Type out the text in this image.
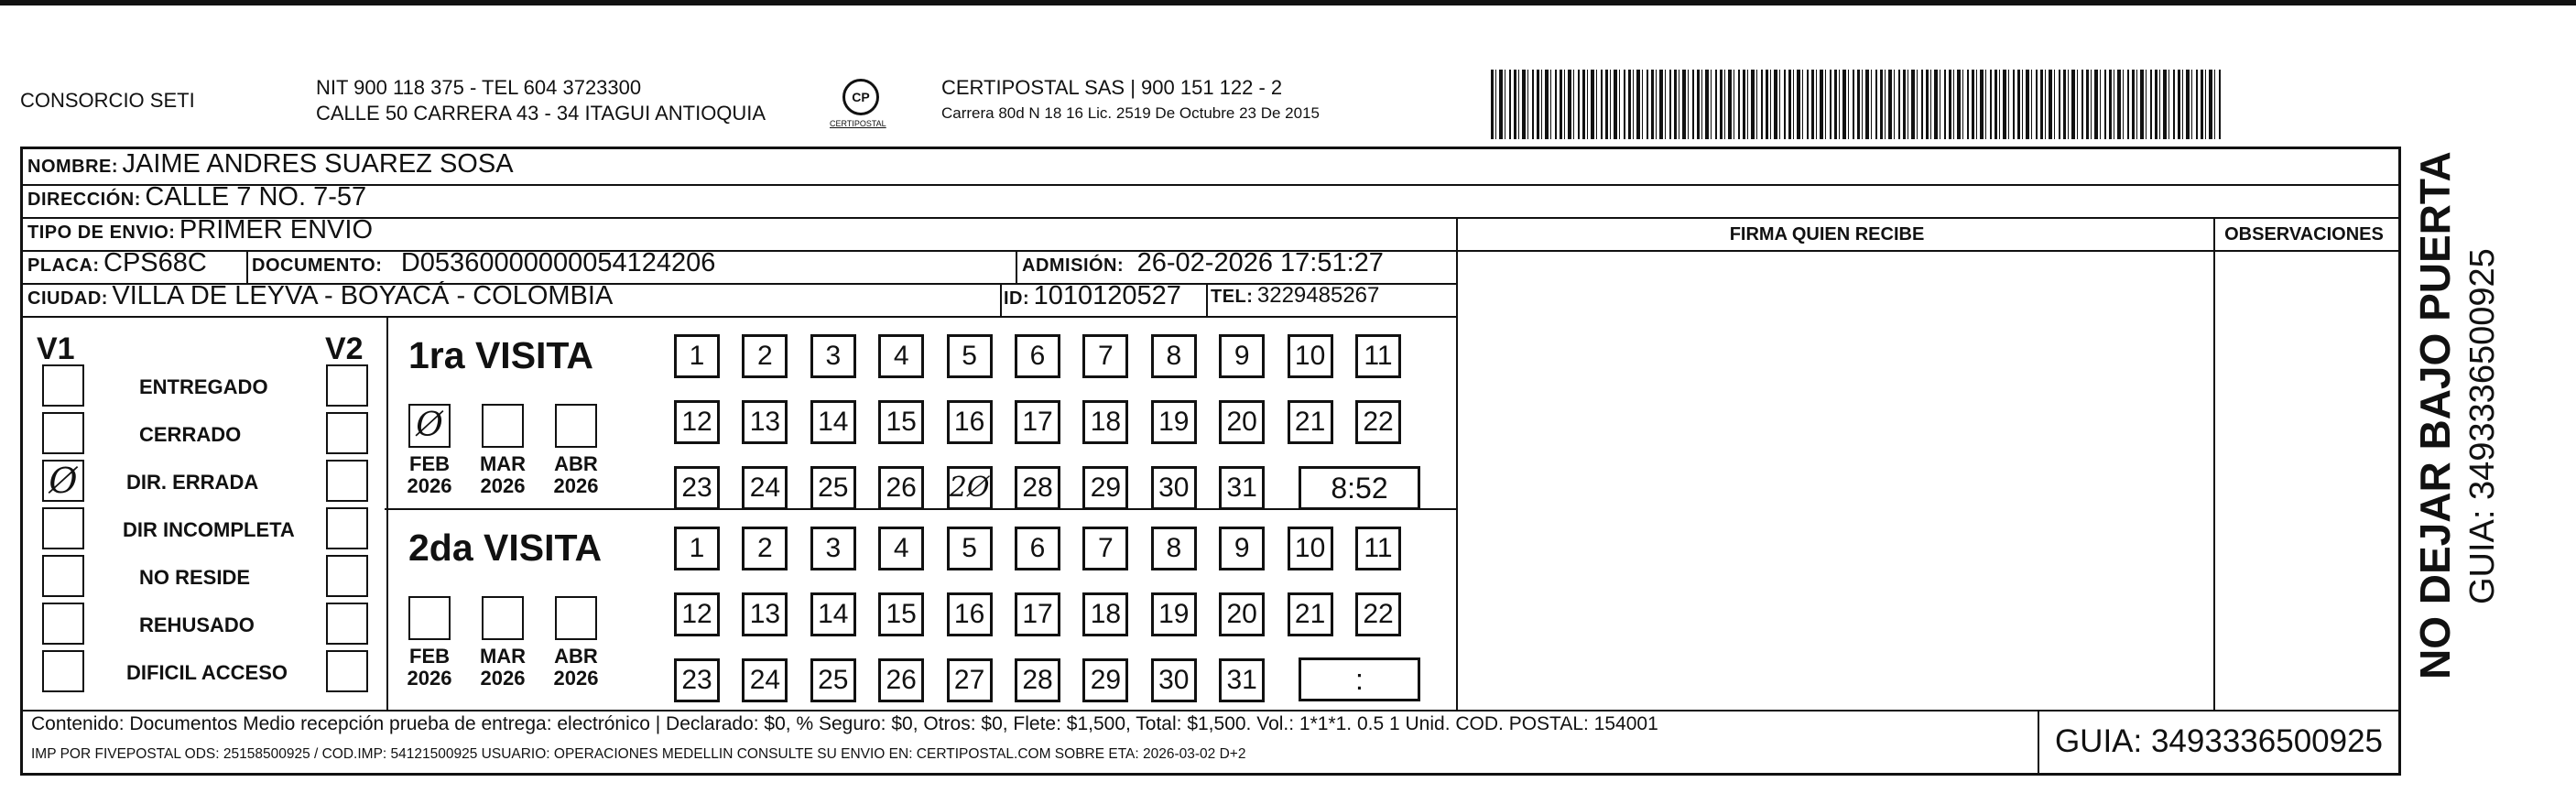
CONSORCIO SETI
NIT 900 118 375 - TEL 604 3723300
CALLE 50 CARRERA 43 - 34 ITAGUI ANTIOQUIA
CP
CERTIPOSTAL
CERTIPOSTAL SAS | 900 151 122 - 2
Carrera 80d N 18 16 Lic. 2519 De Octubre 23 De 2015
NOMBRE: JAIME ANDRES SUAREZ SOSA
DIRECCIÓN: CALLE 7 NO. 7-57
TIPO DE ENVIO: PRIMER ENVIO
PLACA: CPS68C DOCUMENTO: D05360000000054124206	ADMISIÓN: 26-02-2026 17:51:27
CIUDAD: VILLA DE LEYVA - BOYACÁ - COLOMBIA	ID: 1010120527 TEL: 3229485267
FIRMA QUIEN RECIBE	OBSERVACIONES
V1	V2
ENTREGADO
CERRADO
Ø	DIR. ERRADA
DIR INCOMPLETA
NO RESIDE
REHUSADO
DIFICIL ACCESO
1ra VISITA
2da VISITA
Ø
FEB
2026
MAR
2026
ABR
2026
FEB
2026
MAR
2026
ABR
2026
1	2	3	4	5	6	7	8	9	10	11
12 13 14 15 16 17 18 19 20 21 22
23 24 25 26 2Ø 28 29 30 31
1	2	3	4	5	6	7	8	9	10	11
12 13 14 15 16 17 18 19 20 21 22
23 24 25 26 27 28 29 30 31
8:52
:
Contenido: Documentos Medio recepción prueba de entrega: electrónico | Declarado: $0, % Seguro: $0, Otros: $0, Flete: $1,500, Total: $1,500. Vol.: 1*1*1. 0.5 1 Unid. COD. POSTAL: 154001
IMP POR FIVEPOSTAL ODS: 25158500925 / COD.IMP: 54121500925 USUARIO: OPERACIONES MEDELLIN CONSULTE SU ENVIO EN: CERTIPOSTAL.COM SOBRE ETA: 2026-03-02 D+2	GUIA: 3493336500925
NO DEJAR BAJO PUERTA GUIA: 3493336500925
